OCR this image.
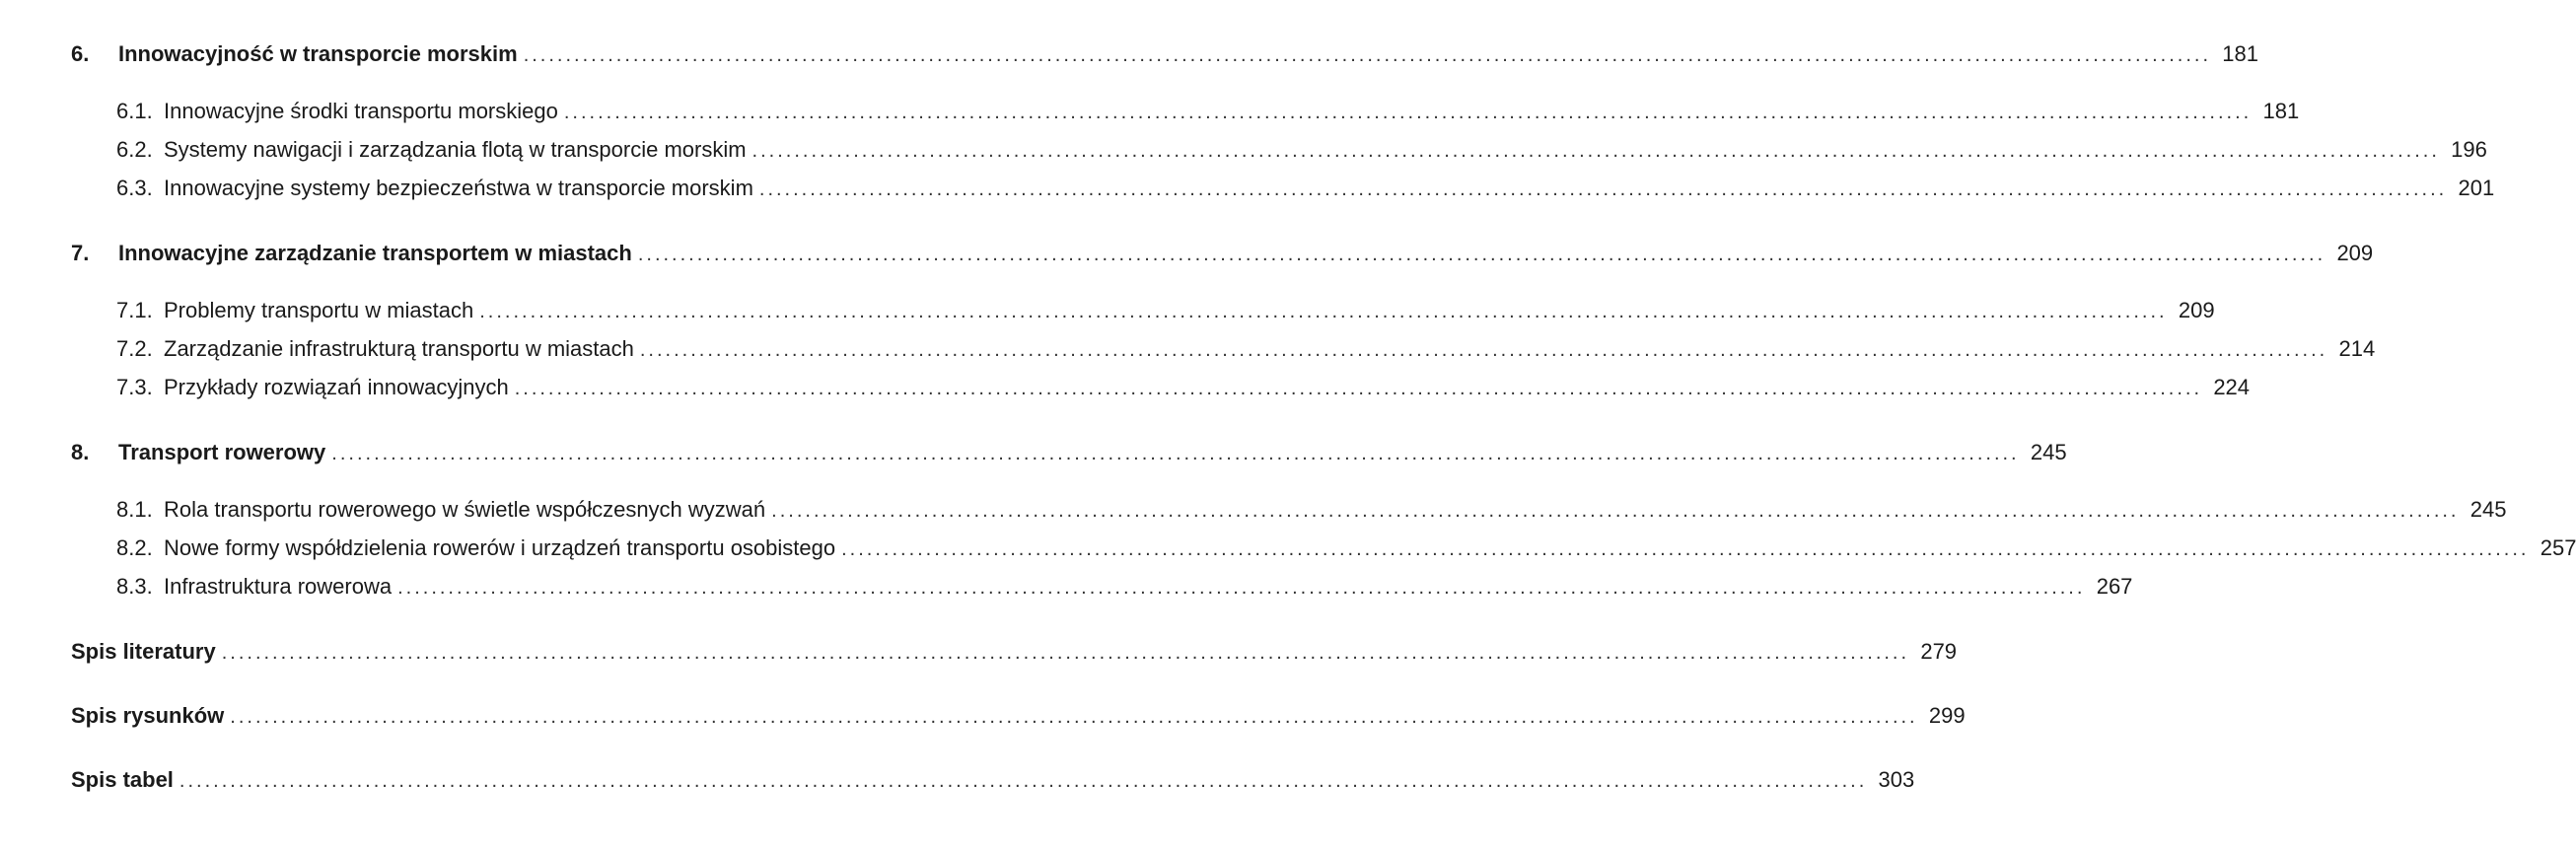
6. Innowacyjność w transporcie morskim ........................................................................................................................................................................................................ 181
6.1. Innowacyjne środki transportu morskiego ........................................................................................................................................................................................................ 181
6.2. Systemy nawigacji i zarządzania flotą w transporcie morskim ........................................................................................................................................................................................................ 196
6.3. Innowacyjne systemy bezpieczeństwa w transporcie morskim ........................................................................................................................................................................................................ 201
7. Innowacyjne zarządzanie transportem w miastach ........................................................................................................................................................................................................ 209
7.1. Problemy transportu w miastach ........................................................................................................................................................................................................ 209
7.2. Zarządzanie infrastrukturą transportu w miastach ........................................................................................................................................................................................................ 214
7.3. Przykłady rozwiązań innowacyjnych ........................................................................................................................................................................................................ 224
8. Transport rowerowy ........................................................................................................................................................................................................ 245
8.1. Rola transportu rowerowego w świetle współczesnych wyzwań ........................................................................................................................................................................................................ 245
8.2. Nowe formy współdzielenia rowerów i urządzeń transportu osobistego ........................................................................................................................................................................................................ 257
8.3. Infrastruktura rowerowa ........................................................................................................................................................................................................ 267
Spis literatury ........................................................................................................................................................................................................ 279
Spis rysunków ........................................................................................................................................................................................................ 299
Spis tabel ........................................................................................................................................................................................................ 303
